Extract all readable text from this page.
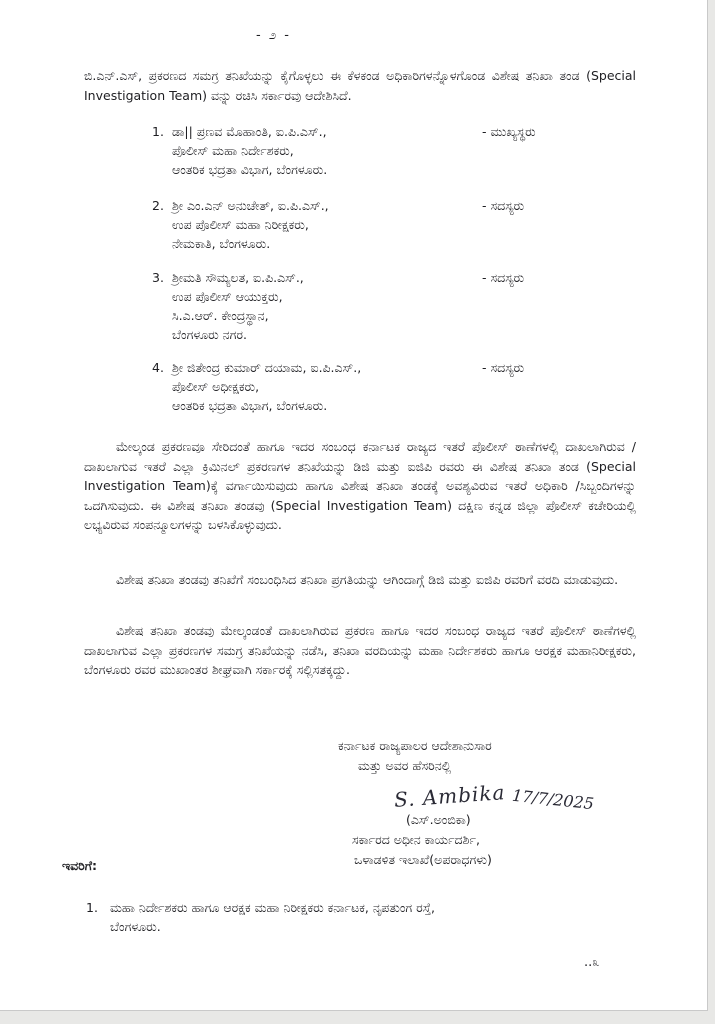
- ೨ -
ಬಿ.ಎನ್.ಎಸ್, ಪ್ರಕರಣದ ಸಮಗ್ರ ತನಿಖೆಯನ್ನು ಕೈಗೊಳ್ಳಲು ಈ ಕೆಳಕಂಡ ಅಧಿಕಾರಿಗಳನ್ನೊಳಗೊಂಡ ವಿಶೇಷ ತನಿಖಾ ತಂಡ (Special Investigation Team) ವನ್ನು ರಚಿಸಿ ಸರ್ಕಾರವು ಆದೇಶಿಸಿದೆ.
1. ಡಾ|| ಪ್ರಣವ ಮೊಹಾಂತಿ, ಐ.ಪಿ.ಎಸ್.,
ಪೊಲೀಸ್ ಮಹಾ ನಿರ್ದೇಶಕರು,
ಆಂತರಿಕ ಭದ್ರತಾ ವಿಭಾಗ, ಬೆಂಗಳೂರು.
- ಮುಖ್ಯಸ್ಥರು
2. ಶ್ರೀ ಎಂ.ಎನ್ ಅನುಚೇತ್, ಐ.ಪಿ.ಎಸ್.,
ಉಪ ಪೊಲೀಸ್ ಮಹಾ ನಿರೀಕ್ಷಕರು,
ನೇಮಕಾತಿ, ಬೆಂಗಳೂರು.
- ಸದಸ್ಯರು
3. ಶ್ರೀಮತಿ ಸೌಮ್ಯಲತ, ಐ.ಪಿ.ಎಸ್.,
ಉಪ ಪೊಲೀಸ್ ಆಯುಕ್ತರು,
ಸಿ.ಎ.ಆರ್. ಕೇಂದ್ರಸ್ಥಾನ,
ಬೆಂಗಳೂರು ನಗರ.
- ಸದಸ್ಯರು
4. ಶ್ರೀ ಜಿತೇಂದ್ರ ಕುಮಾರ್ ದಯಾಮ, ಐ.ಪಿ.ಎಸ್.,
ಪೊಲೀಸ್ ಅಧೀಕ್ಷಕರು,
ಆಂತರಿಕ ಭದ್ರತಾ ವಿಭಾಗ, ಬೆಂಗಳೂರು.
- ಸದಸ್ಯರು
ಮೇಲ್ಕಂಡ ಪ್ರಕರಣವೂ ಸೇರಿದಂತೆ ಹಾಗೂ ಇದರ ಸಂಬಂಧ ಕರ್ನಾಟಕ ರಾಜ್ಯದ ಇತರೆ ಪೊಲೀಸ್ ಠಾಣೆಗಳಲ್ಲಿ ದಾಖಲಾಗಿರುವ / ದಾಖಲಾಗುವ ಇತರೆ ಎಲ್ಲಾ ಕ್ರಿಮಿನಲ್ ಪ್ರಕರಣಗಳ ತನಿಖೆಯನ್ನು ಡಿಜಿ ಮತ್ತು ಐಜಿಪಿ ರವರು ಈ ವಿಶೇಷ ತನಿಖಾ ತಂಡ (Special Investigation Team)ಕ್ಕೆ ವರ್ಗಾಯಿಸುವುದು ಹಾಗೂ ವಿಶೇಷ ತನಿಖಾ ತಂಡಕ್ಕೆ ಅವಶ್ಯವಿರುವ ಇತರೆ ಅಧಿಕಾರಿ /ಸಿಬ್ಬಂದಿಗಳನ್ನು ಒದಗಿಸುವುದು. ಈ ವಿಶೇಷ ತನಿಖಾ ತಂಡವು (Special Investigation Team) ದಕ್ಷಿಣ ಕನ್ನಡ ಜಿಲ್ಲಾ ಪೊಲೀಸ್ ಕಚೇರಿಯಲ್ಲಿ ಲಭ್ಯವಿರುವ ಸಂಪನ್ಮೂಲಗಳನ್ನು ಬಳಸಿಕೊಳ್ಳುವುದು.
ವಿಶೇಷ ತನಿಖಾ ತಂಡವು ತನಿಖೆಗೆ ಸಂಬಂಧಿಸಿದ ತನಿಖಾ ಪ್ರಗತಿಯನ್ನು ಆಗಿಂದಾಗ್ಗೆ ಡಿಜಿ ಮತ್ತು ಐಜಿಪಿ ರವರಿಗೆ ವರದಿ ಮಾಡುವುದು.
ವಿಶೇಷ ತನಿಖಾ ತಂಡವು ಮೇಲ್ಕಂಡಂತೆ ದಾಖಲಾಗಿರುವ ಪ್ರಕರಣ ಹಾಗೂ ಇದರ ಸಂಬಂಧ ರಾಜ್ಯದ ಇತರೆ ಪೊಲೀಸ್ ಠಾಣೆಗಳಲ್ಲಿ ದಾಖಲಾಗುವ ಎಲ್ಲಾ ಪ್ರಕರಣಗಳ ಸಮಗ್ರ ತನಿಖೆಯನ್ನು ನಡೆಸಿ, ತನಿಖಾ ವರದಿಯನ್ನು ಮಹಾ ನಿರ್ದೇಶಕರು ಹಾಗೂ ಆರಕ್ಷಕ ಮಹಾನಿರೀಕ್ಷಕರು, ಬೆಂಗಳೂರು ರವರ ಮುಖಾಂತರ ಶೀಘ್ರವಾಗಿ ಸರ್ಕಾರಕ್ಕೆ ಸಲ್ಲಿಸತಕ್ಕದ್ದು.
ಕರ್ನಾಟಕ ರಾಜ್ಯಪಾಲರ ಆದೇಶಾನುಸಾರ
ಮತ್ತು ಅವರ ಹೆಸರಿನಲ್ಲಿ
S. Ambika 17/7/2025
(ಎಸ್.ಅಂಬಿಕಾ)
ಸರ್ಕಾರದ ಅಧೀನ ಕಾರ್ಯದರ್ಶಿ,
ಒಳಾಡಳಿತ ಇಲಾಖೆ(ಅಪರಾಧಗಳು)
ಇವರಿಗೆ:
1. ಮಹಾ ನಿರ್ದೇಶಕರು ಹಾಗೂ ಆರಕ್ಷಕ ಮಹಾ ನಿರೀಕ್ಷಕರು ಕರ್ನಾಟಕ, ನೃಪತುಂಗ ರಸ್ತೆ,
ಬೆಂಗಳೂರು.
..೩
